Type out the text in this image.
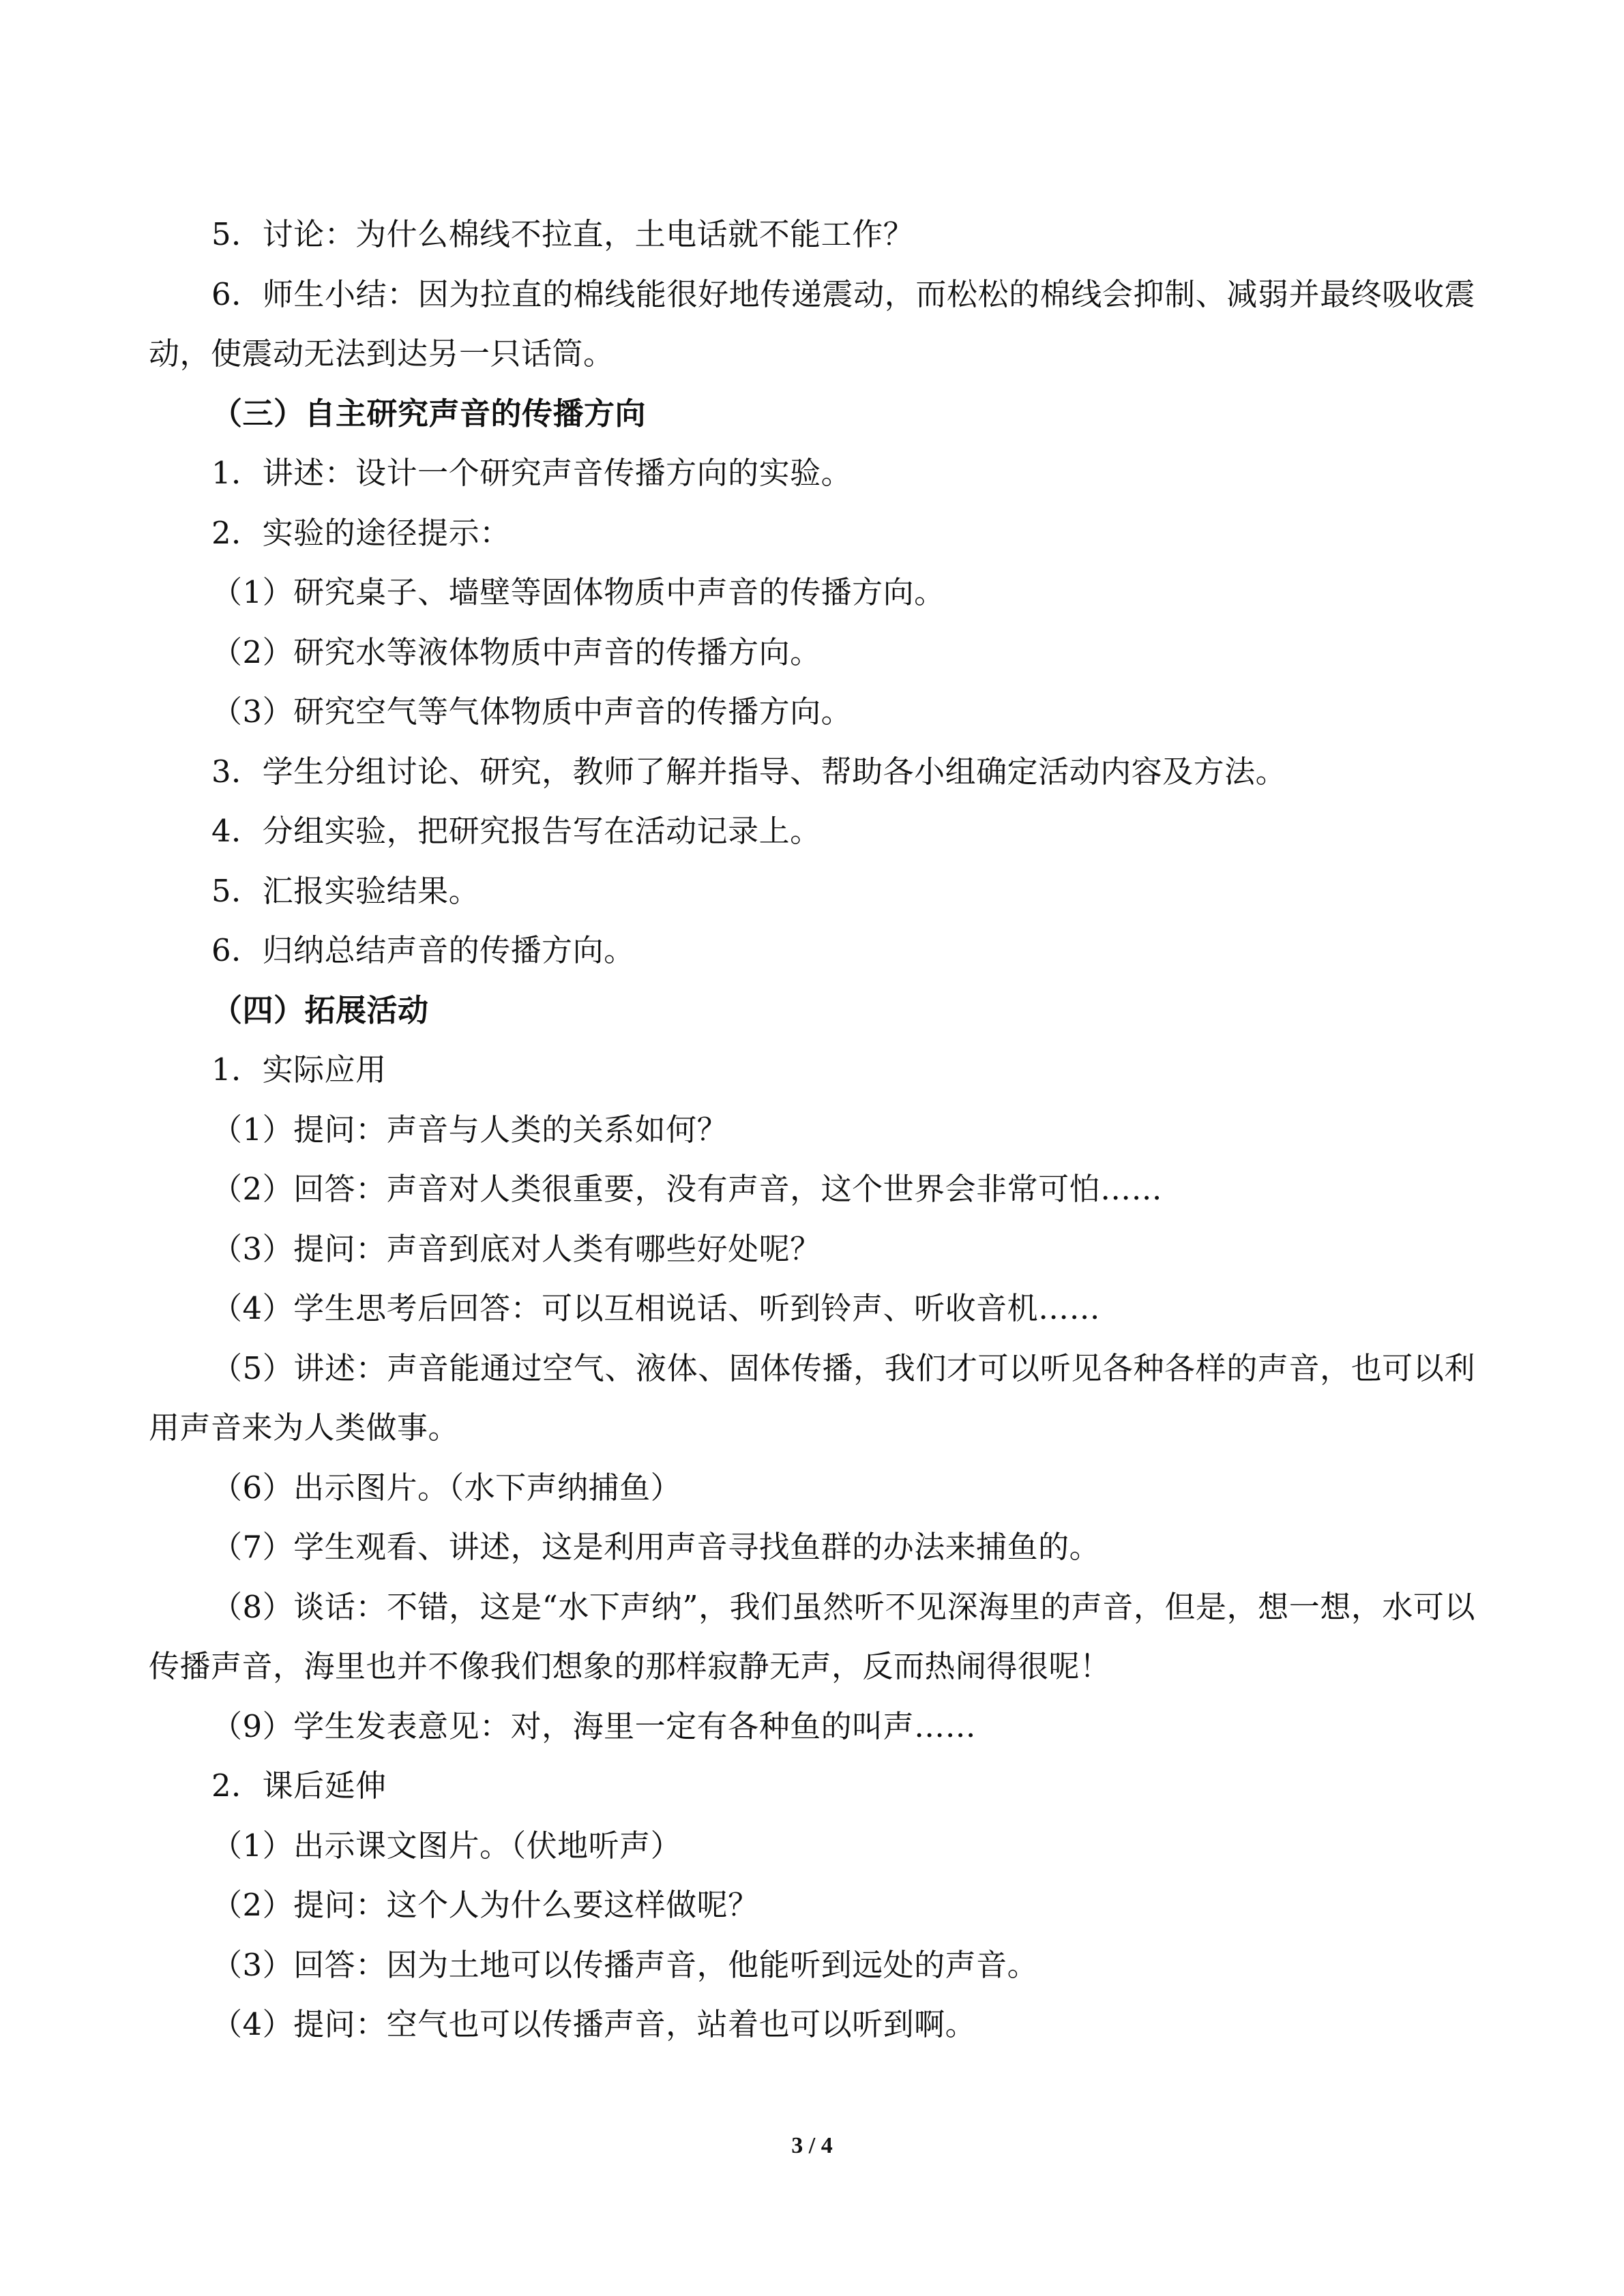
5．讨论：为什么棉线不拉直，土电话就不能工作？
6．师生小结：因为拉直的棉线能很好地传递震动，而松松的棉线会抑制、减弱并最终吸收震动，使震动无法到达另一只话筒。
（三）自主研究声音的传播方向
1．讲述：设计一个研究声音传播方向的实验。
2．实验的途径提示：
（1）研究桌子、墙壁等固体物质中声音的传播方向。
（2）研究水等液体物质中声音的传播方向。
（3）研究空气等气体物质中声音的传播方向。
3．学生分组讨论、研究，教师了解并指导、帮助各小组确定活动内容及方法。
4．分组实验，把研究报告写在活动记录上。
5．汇报实验结果。
6．归纳总结声音的传播方向。
（四）拓展活动
1．实际应用
（1）提问：声音与人类的关系如何？
（2）回答：声音对人类很重要，没有声音，这个世界会非常可怕……
（3）提问：声音到底对人类有哪些好处呢？
（4）学生思考后回答：可以互相说话、听到铃声、听收音机……
（5）讲述：声音能通过空气、液体、固体传播，我们才可以听见各种各样的声音，也可以利用声音来为人类做事。
（6）出示图片。（水下声纳捕鱼）
（7）学生观看、讲述，这是利用声音寻找鱼群的办法来捕鱼的。
（8）谈话：不错，这是“水下声纳”，我们虽然听不见深海里的声音，但是，想一想，水可以传播声音，海里也并不像我们想象的那样寂静无声，反而热闹得很呢！
（9）学生发表意见：对，海里一定有各种鱼的叫声……
2．课后延伸
（1）出示课文图片。（伏地听声）
（2）提问：这个人为什么要这样做呢？
（3）回答：因为土地可以传播声音，他能听到远处的声音。
（4）提问：空气也可以传播声音，站着也可以听到啊。
3 / 4
